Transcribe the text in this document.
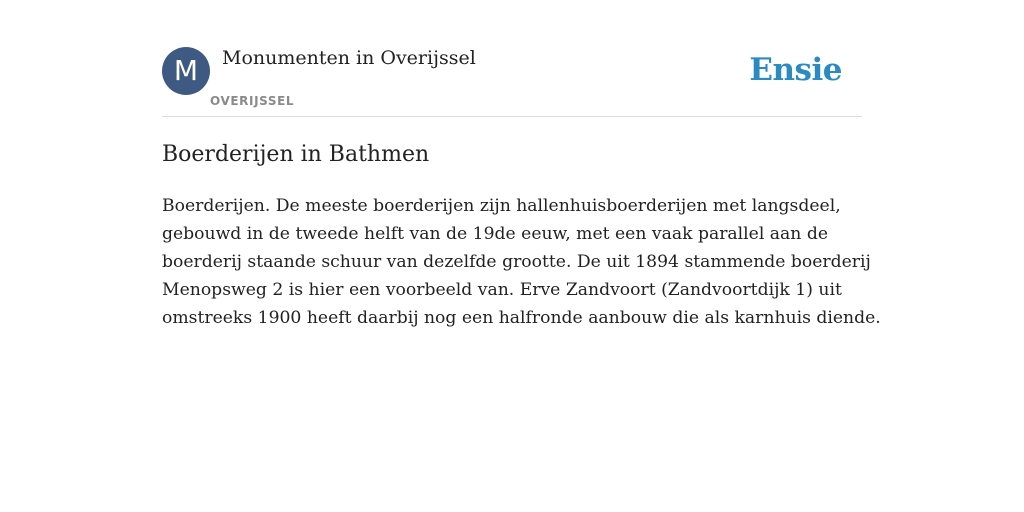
M	Monumenten in Overijssel
OVERIJSSEL
Ensie
Boerderijen in Bathmen

Boerderijen. De meeste boerderijen zijn hallenhuisboerderijen met langsdeel,
gebouwd in de tweede helft van de 19de eeuw, met een vaak parallel aan de
boerderij staande schuur van dezelfde grootte. De uit 1894 stammende boerderij
Menopsweg 2 is hier een voorbeeld van. Erve Zandvoort (Zandvoortdijk 1) uit
omstreeks 1900 heeft daarbij nog een halfronde aanbouw die als karnhuis diende.
